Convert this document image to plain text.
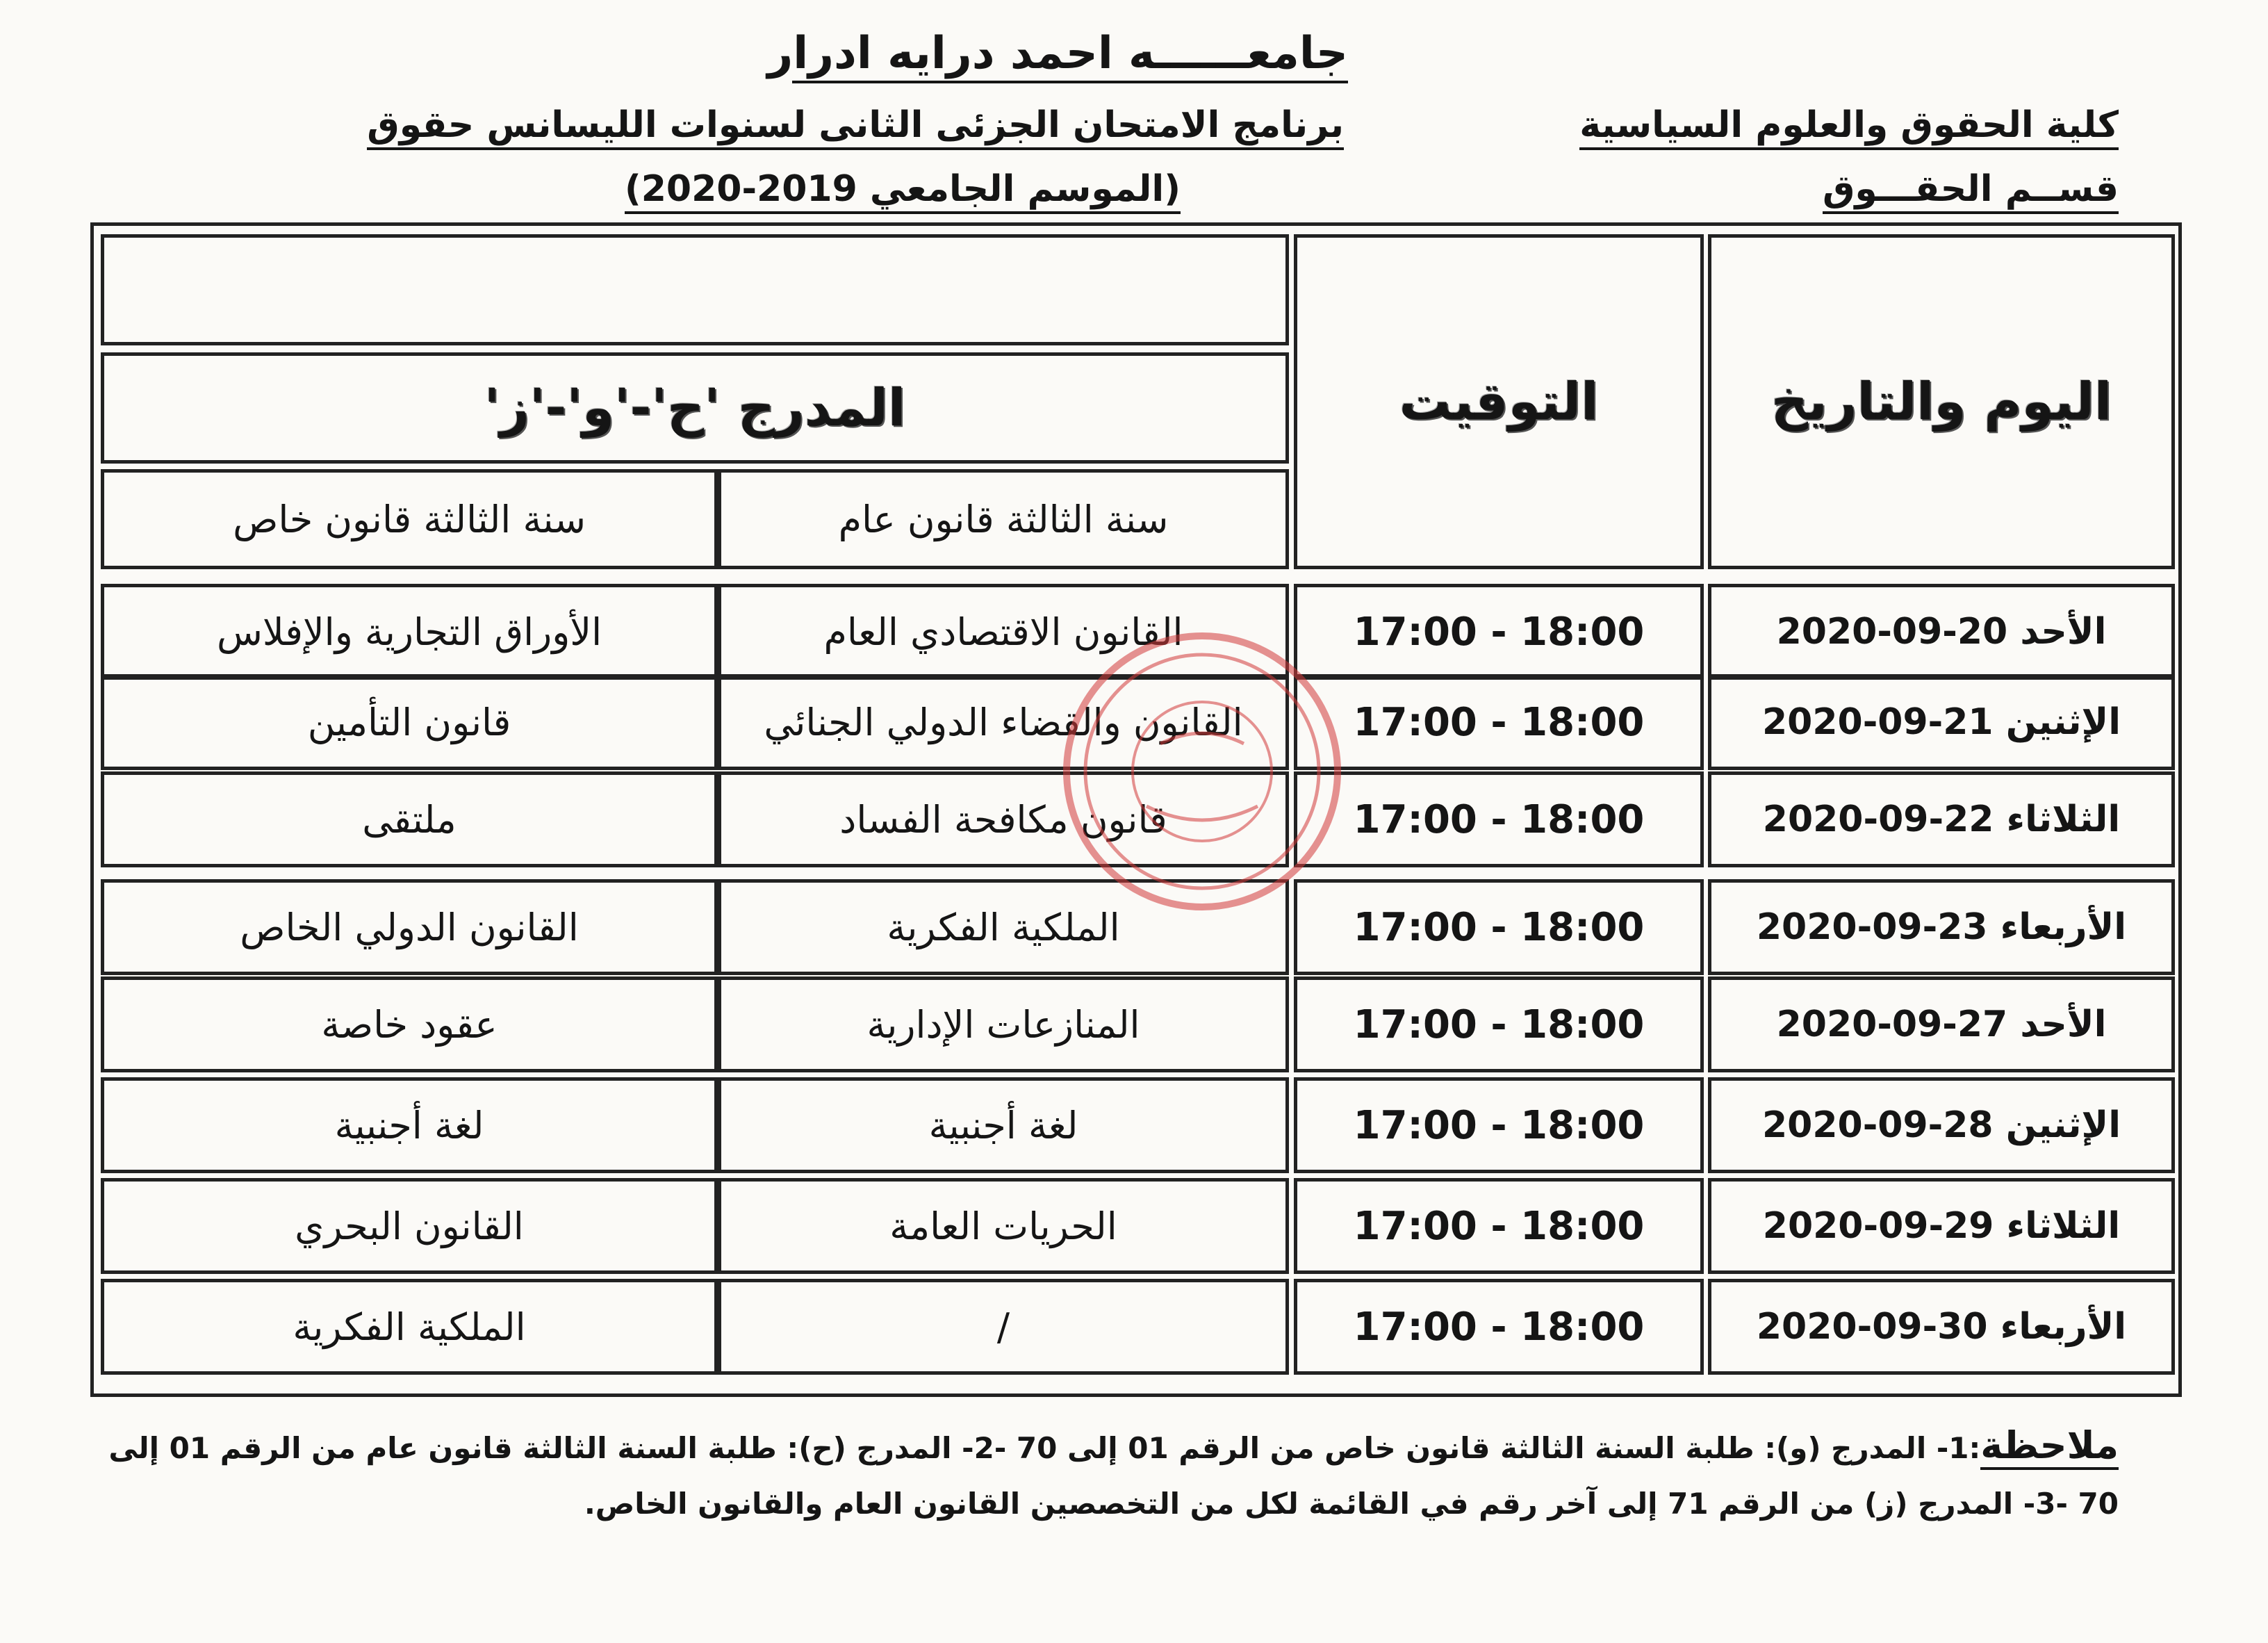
جامعــــــه احمد درايه ادرار
برنامج الامتحان الجزئى الثانى لسنوات الليسانس حقوق
(الموسم الجامعي 2019-2020)
كلية الحقوق والعلوم السياسية
قســم الحقـــوق
المدرج 'ح'-'و'-'ز'
سنة الثالثة قانون خاص	سنة الثالثة قانون عام
التوقيت	اليوم والتاريخ
الأوراق التجارية والإفلاس	القانون الاقتصادي العام	17:00 - 18:00	الأحد 20-09-2020
قانون التأمين	القانون والقضاء الدولي الجنائي	17:00 - 18:00	الإثنين 21-09-2020
ملتقى	قانون مكافحة الفساد	17:00 - 18:00	الثلاثاء 22-09-2020
القانون الدولي الخاص	الملكية الفكرية	17:00 - 18:00	الأربعاء 23-09-2020
عقود خاصة	المنازعات الإدارية	17:00 - 18:00	الأحد 27-09-2020
لغة أجنبية	لغة أجنبية	17:00 - 18:00	الإثنين 28-09-2020
القانون البحري	الحريات العامة	17:00 - 18:00	الثلاثاء 29-09-2020
الملكية الفكرية	/	17:00 - 18:00	الأربعاء 30-09-2020
ملاحظة:1- المدرج (و): طلبة السنة الثالثة قانون خاص من الرقم 01 إلى 70 -2- المدرج (ح): طلبة السنة الثالثة قانون عام من الرقم 01 إلى 70 -3- المدرج (ز) من الرقم 71 إلى آخر رقم في القائمة لكل من التخصصين القانون العام والقانون الخاص.
